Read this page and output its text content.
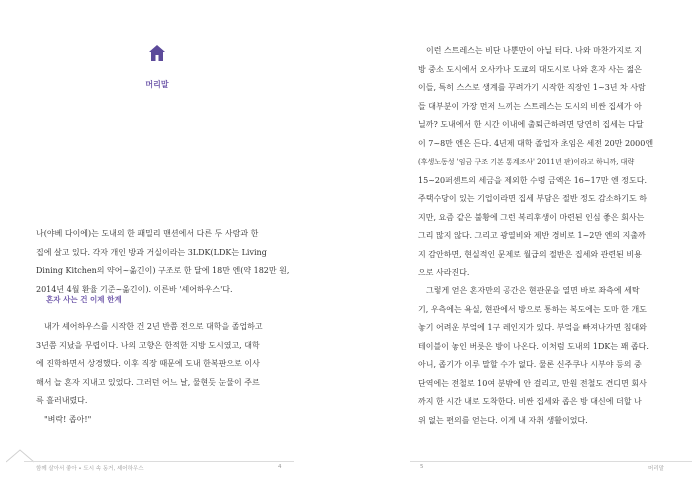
머리말
나(야베 다이에)는 도내의 한 패밀리 맨션에서 다른 두 사람과 한
집에 살고 있다. 각자 개인 방과 거실이라는 3LDK(LDK는 Living
Dining Kitchen의 약어~옮긴이) 구조로 한 달에 18만 엔(약 182만 원,
2014년 4월 환율 기준~옮긴이). 이른바 '셰어하우스'다.
혼자 사는 건 이제 한계
내가 셰어하우스를 시작한 건 2년 반쯤 전으로 대학을 졸업하고
3년쯤 지났을 무렵이다. 나의 고향은 한적한 지방 도시였고, 대학
에 진학하면서 상경했다. 이후 직장 때문에 도내 한복판으로 이사
해서 늘 혼자 지내고 있었다. 그러던 어느 날, 물현듯 눈물이 주르
륵 흘러내렸다.
"벼락! 좁아!"
함께 살아서 좋아 • 도시 속 동거, 셰어하우스	4
이런 스트레스는 비단 나뿐만이 아닐 터다. 나와 마찬가지로 지
방 중소 도시에서 오사카나 도쿄의 대도시로 나와 혼자 사는 젊은
이들, 특히 스스로 생계를 꾸려가기 시작한 직장인 1~3년 차 사람
들 대부분이 가장 먼저 느끼는 스트레스는 도시의 비싼 집세가 아
닐까? 도내에서 한 시간 이내에 출퇴근하려면 당연히 집세는 다달
이 7~8만 엔은 든다. 4년제 대학 졸업자 초임은 세전 20만 2000엔
(후생노동성 '임금 구조 기본 통계조사' 2011년 판)이라고 하니까, 대략
15~20퍼센트의 세금을 제외한 수령 금액은 16~17만 엔 정도다.
주택수당이 있는 기업이라면 집세 부담은 절반 정도 감소하기도 하
지만, 요즘 같은 불황에 그런 복리후생이 마련된 인심 좋은 회사는
그리 많지 않다. 그리고 광열비와 제반 경비로 1~2만 엔의 지출까
지 감안하면, 현실적인 문제로 월급의 절반은 집세와 관련된 비용
으로 사라진다.
그렇게 얻은 혼자만의 공간은 현관문을 열면 바로 좌측에 세탁
기, 우측에는 욕실, 현관에서 방으로 통하는 복도에는 도마 한 개도
놓기 어려운 부엌에 1구 레인지가 있다. 부엌을 빠져나가면 침대와
테이블이 놓인 버릇은 방이 나온다. 이처럼 도내의 1DK는 꽤 좁다.
아니, 좁기가 이루 말할 수가 없다. 물론 신주쿠나 시부야 등의 중
단역에는 전철로 10여 분밖에 안 걸리고, 만원 전철도 견디면 회사
까지 한 시간 내로 도착한다. 비싼 집세와 좁은 방 대신에 더할 나
위 없는 편의를 얻는다. 이게 내 자취 생활이었다.
5	머리말
